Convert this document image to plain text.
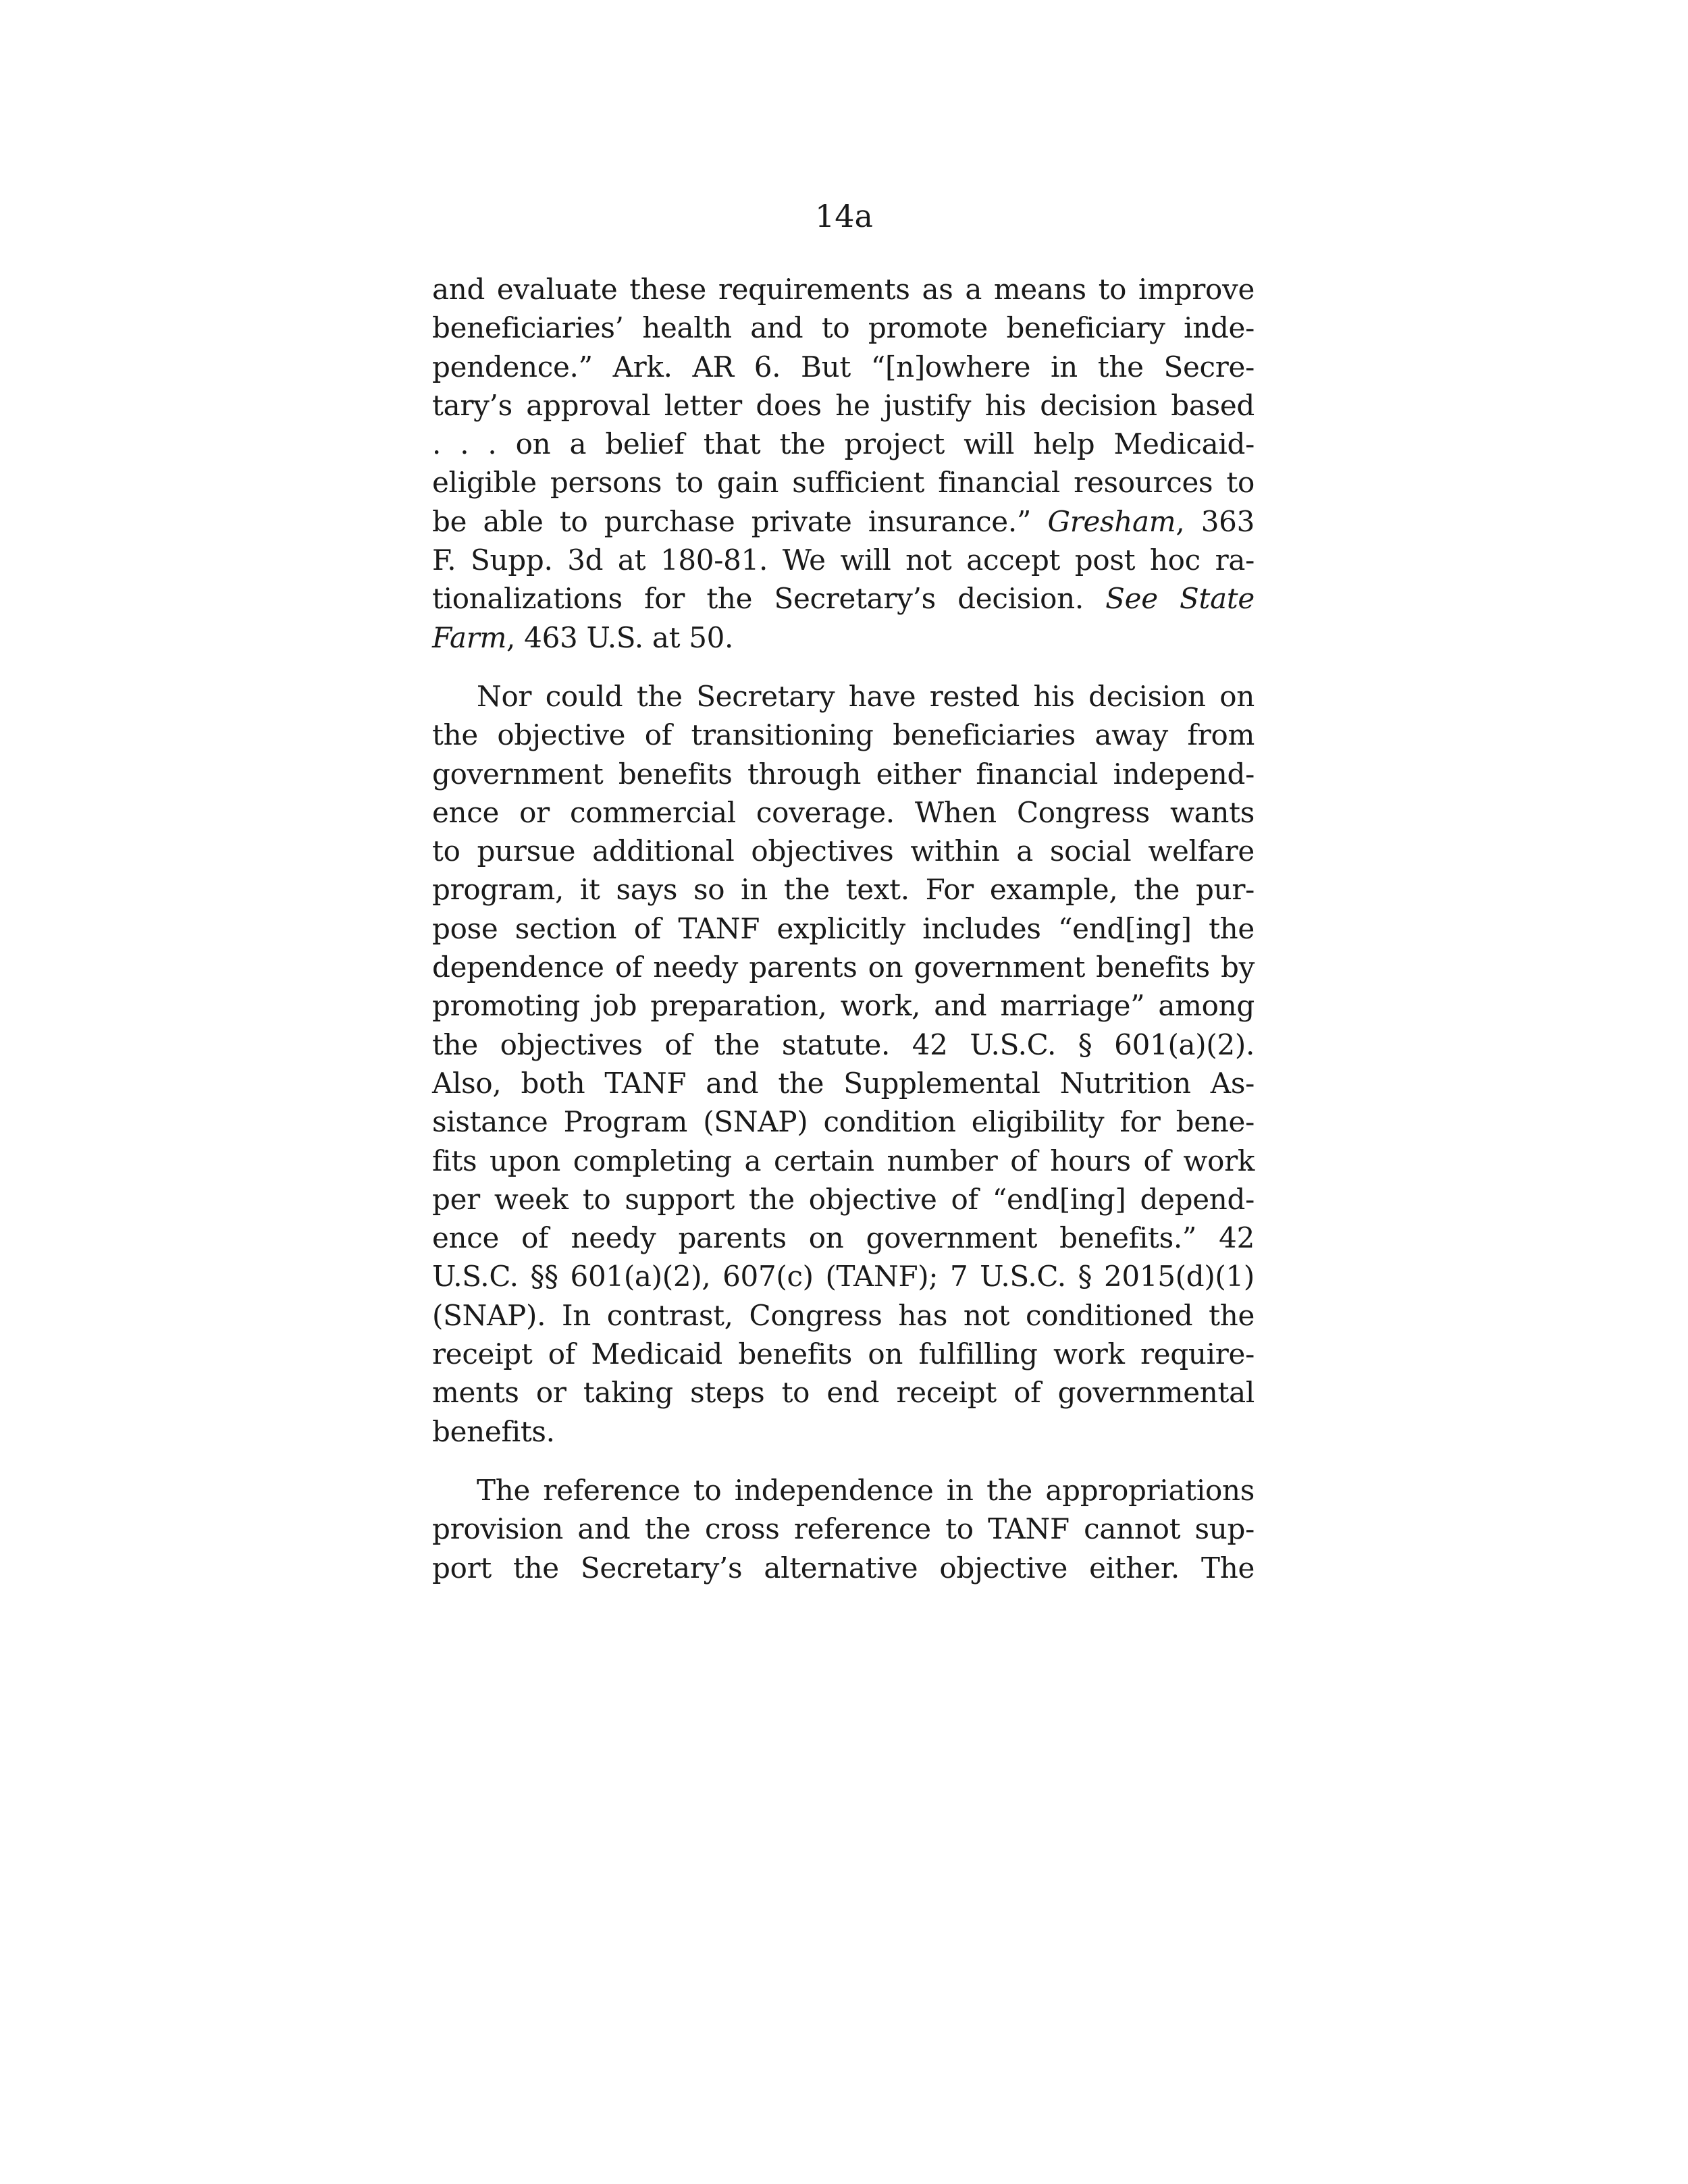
14a
and evaluate these requirements as a means to improve
beneficiaries’ health and to promote beneficiary inde-
pendence.” Ark. AR 6. But “[n]owhere in the Secre-
tary’s approval letter does he justify his decision based
. . . on a belief that the project will help Medicaid-
eligible persons to gain sufficient financial resources to
be able to purchase private insurance.” Gresham, 363
F. Supp. 3d at 180-81. We will not accept post hoc ra-
tionalizations for the Secretary’s decision. See State
Farm, 463 U.S. at 50.
Nor could the Secretary have rested his decision on
the objective of transitioning beneficiaries away from
government benefits through either financial independ-
ence or commercial coverage. When Congress wants
to pursue additional objectives within a social welfare
program, it says so in the text. For example, the pur-
pose section of TANF explicitly includes “end[ing] the
dependence of needy parents on government benefits by
promoting job preparation, work, and marriage” among
the objectives of the statute. 42 U.S.C. § 601(a)(2).
Also, both TANF and the Supplemental Nutrition As-
sistance Program (SNAP) condition eligibility for bene-
fits upon completing a certain number of hours of work
per week to support the objective of “end[ing] depend-
ence of needy parents on government benefits.” 42
U.S.C. §§ 601(a)(2), 607(c) (TANF); 7 U.S.C. § 2015(d)(1)
(SNAP). In contrast, Congress has not conditioned the
receipt of Medicaid benefits on fulfilling work require-
ments or taking steps to end receipt of governmental
benefits.
The reference to independence in the appropriations
provision and the cross reference to TANF cannot sup-
port the Secretary’s alternative objective either. The
